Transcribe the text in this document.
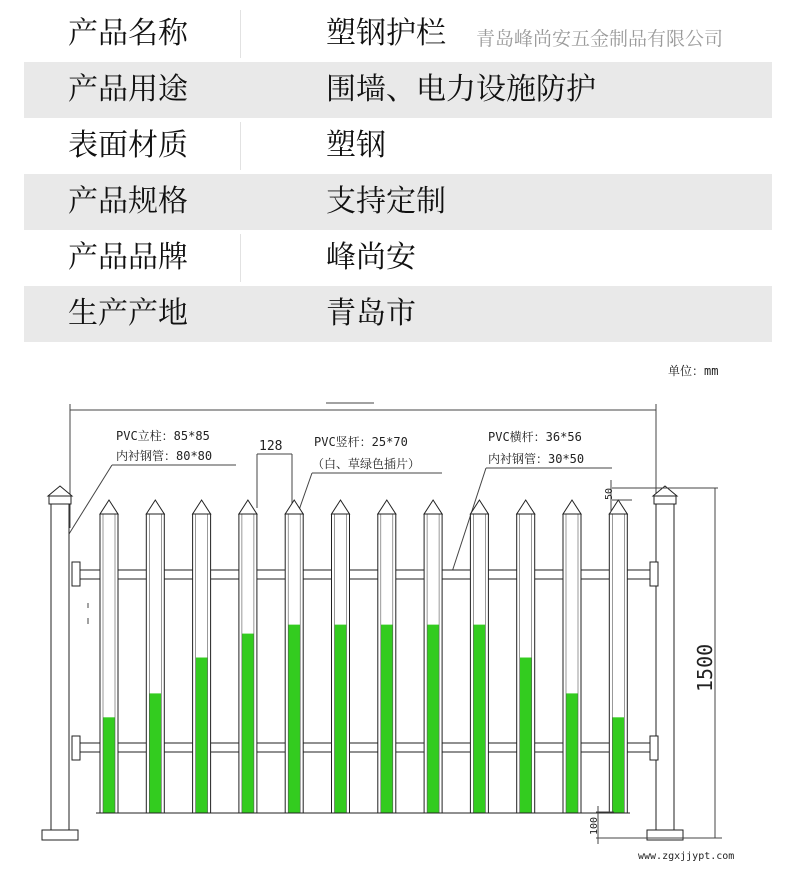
产品名称	塑钢护栏 青岛峰尚安五金制品有限公司
产品用途	围墙、电力设施防护
表面材质	塑钢
产品规格	支持定制
产品品牌	峰尚安
生产产地	青岛市
单位：mm
PVC立柱：85*85
内衬钢管：80*80
PVC竖杆：25*70
（白、草绿色插片）
PVC横杆：36*56
内衬钢管：30*50
128
50
1500
100
www.zgxjjypt.com
